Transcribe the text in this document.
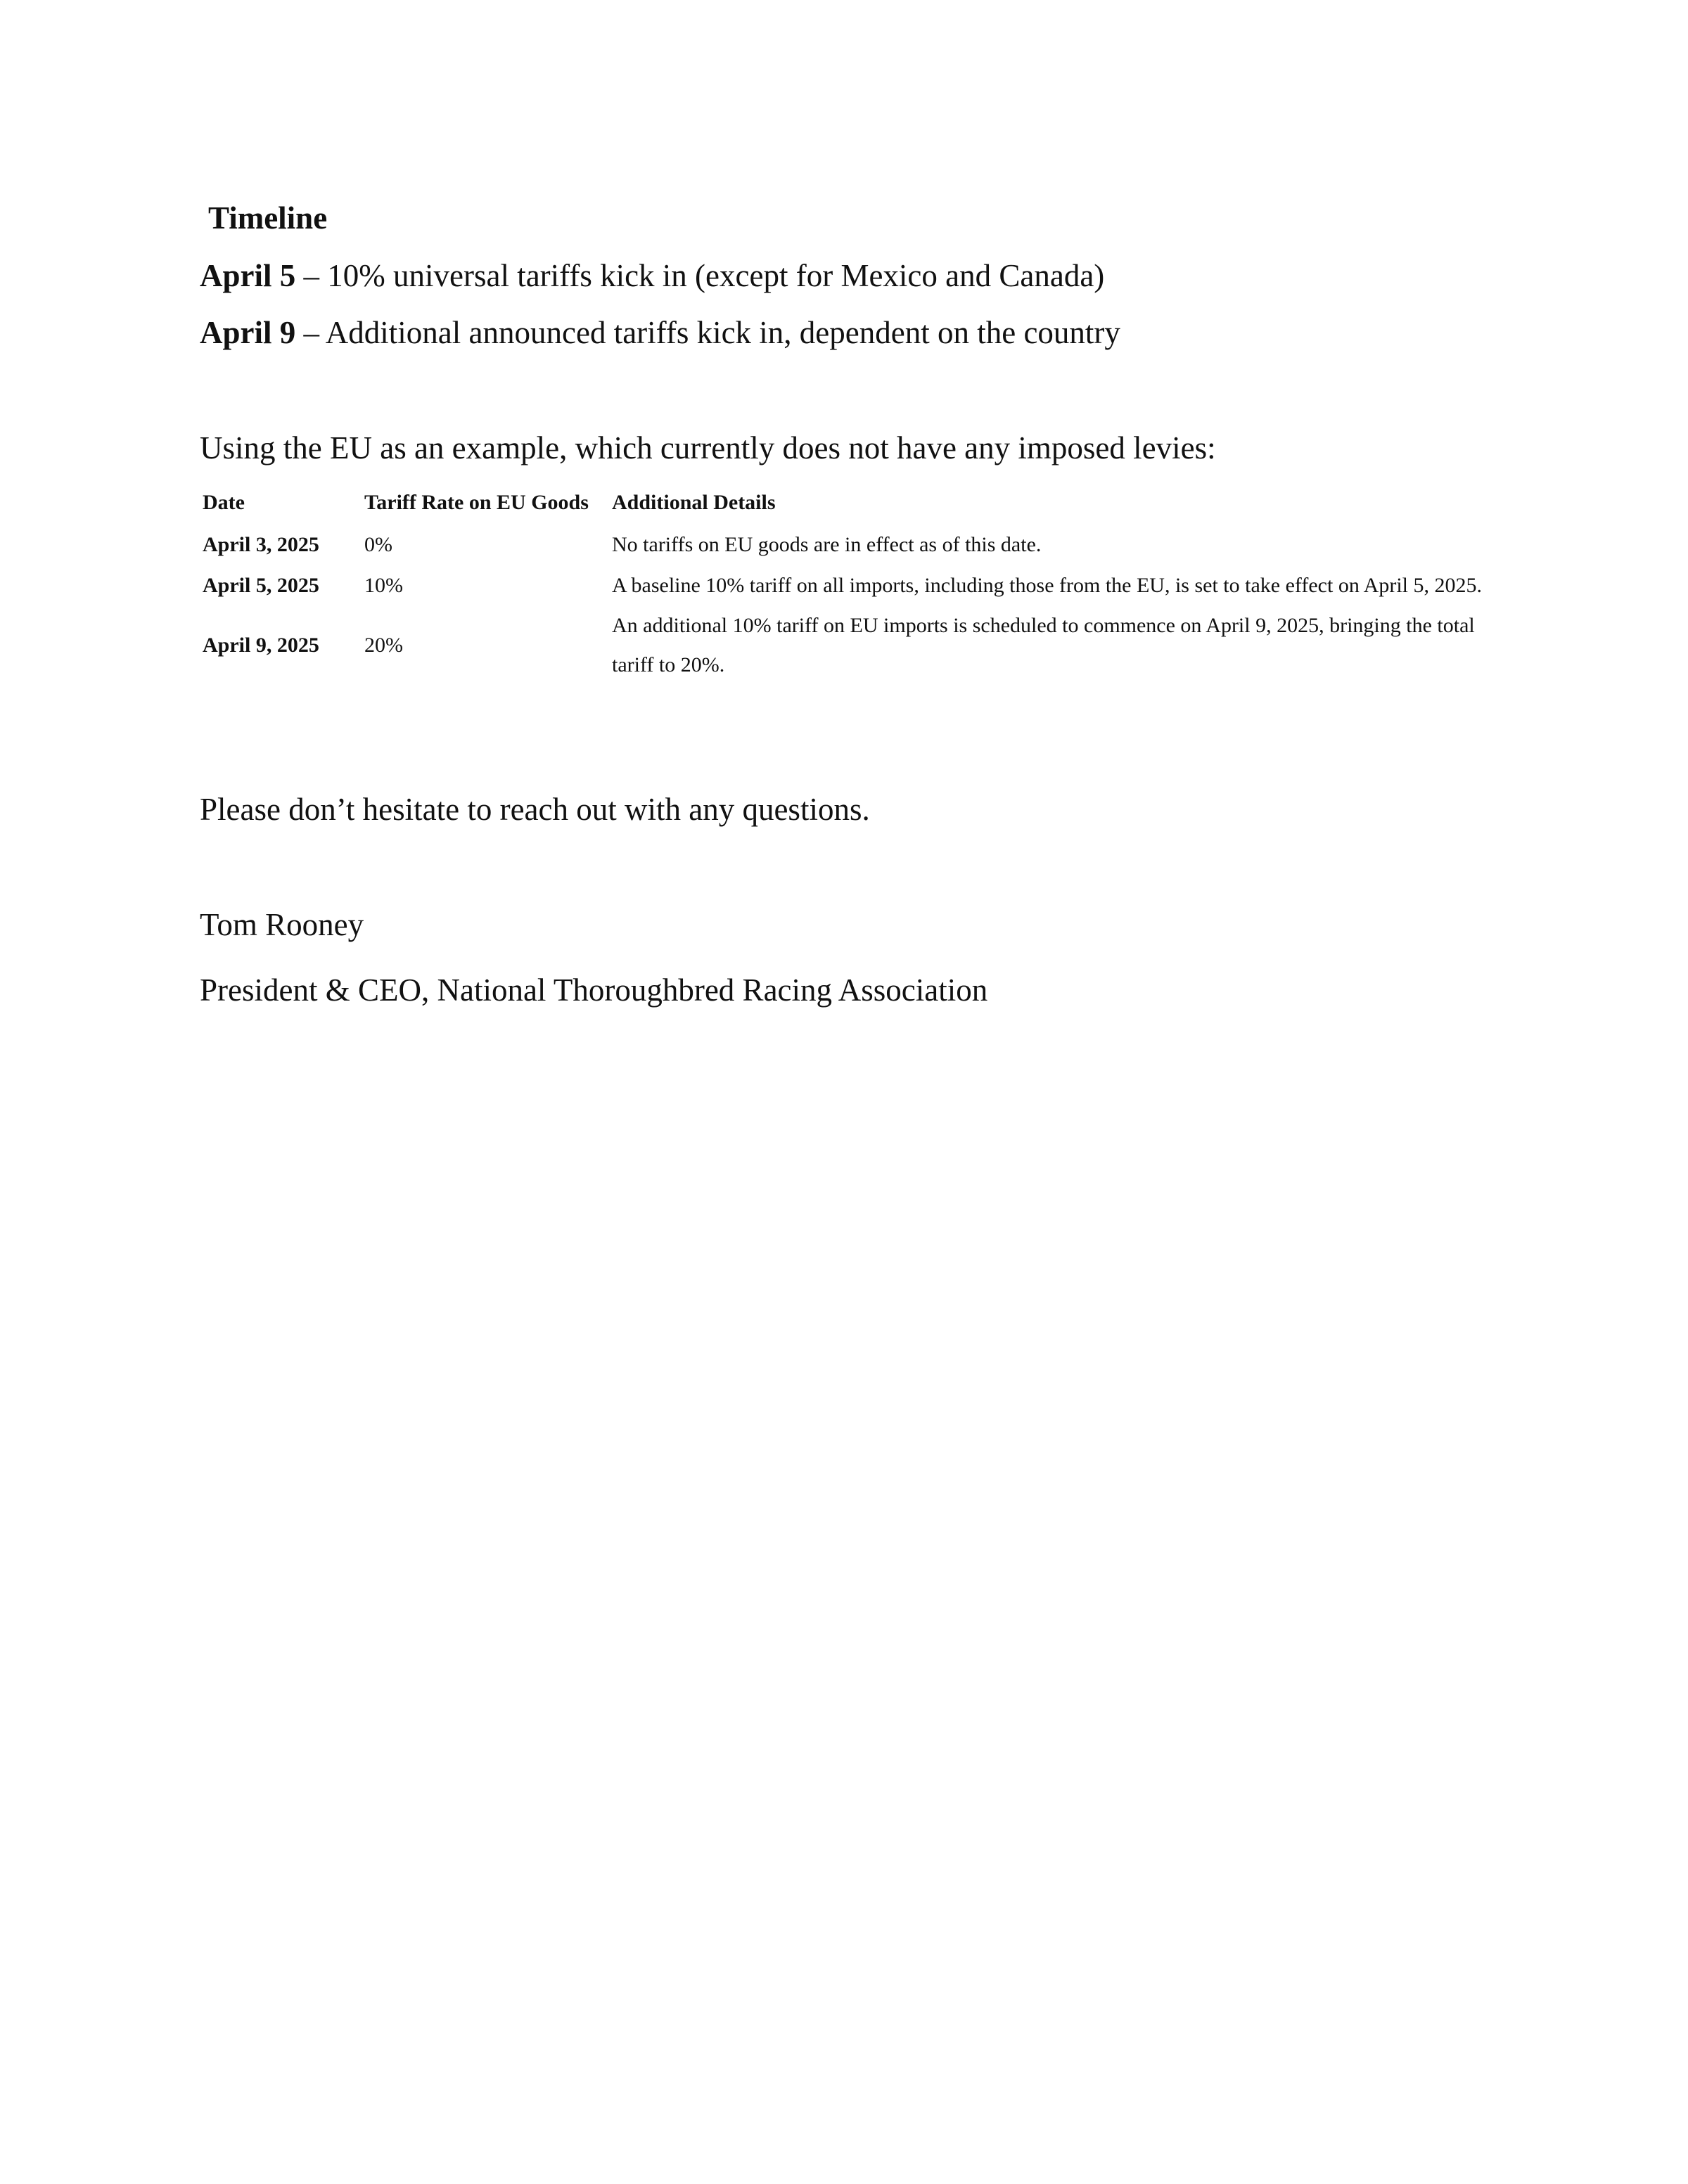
Timeline
April 5 – 10% universal tariffs kick in (except for Mexico and Canada)
April 9 – Additional announced tariffs kick in, dependent on the country
Using the EU as an example, which currently does not have any imposed levies:
Date	Tariff Rate on EU Goods	Additional Details
April 3, 2025	0%	No tariffs on EU goods are in effect as of this date.
April 5, 2025	10%	A baseline 10% tariff on all imports, including those from the EU, is set to take effect on April 5, 2025.
April 9, 2025	20%	An additional 10% tariff on EU imports is scheduled to commence on April 9, 2025, bringing the total tariff to 20%.
Please don’t hesitate to reach out with any questions.
Tom Rooney
President & CEO, National Thoroughbred Racing Association
